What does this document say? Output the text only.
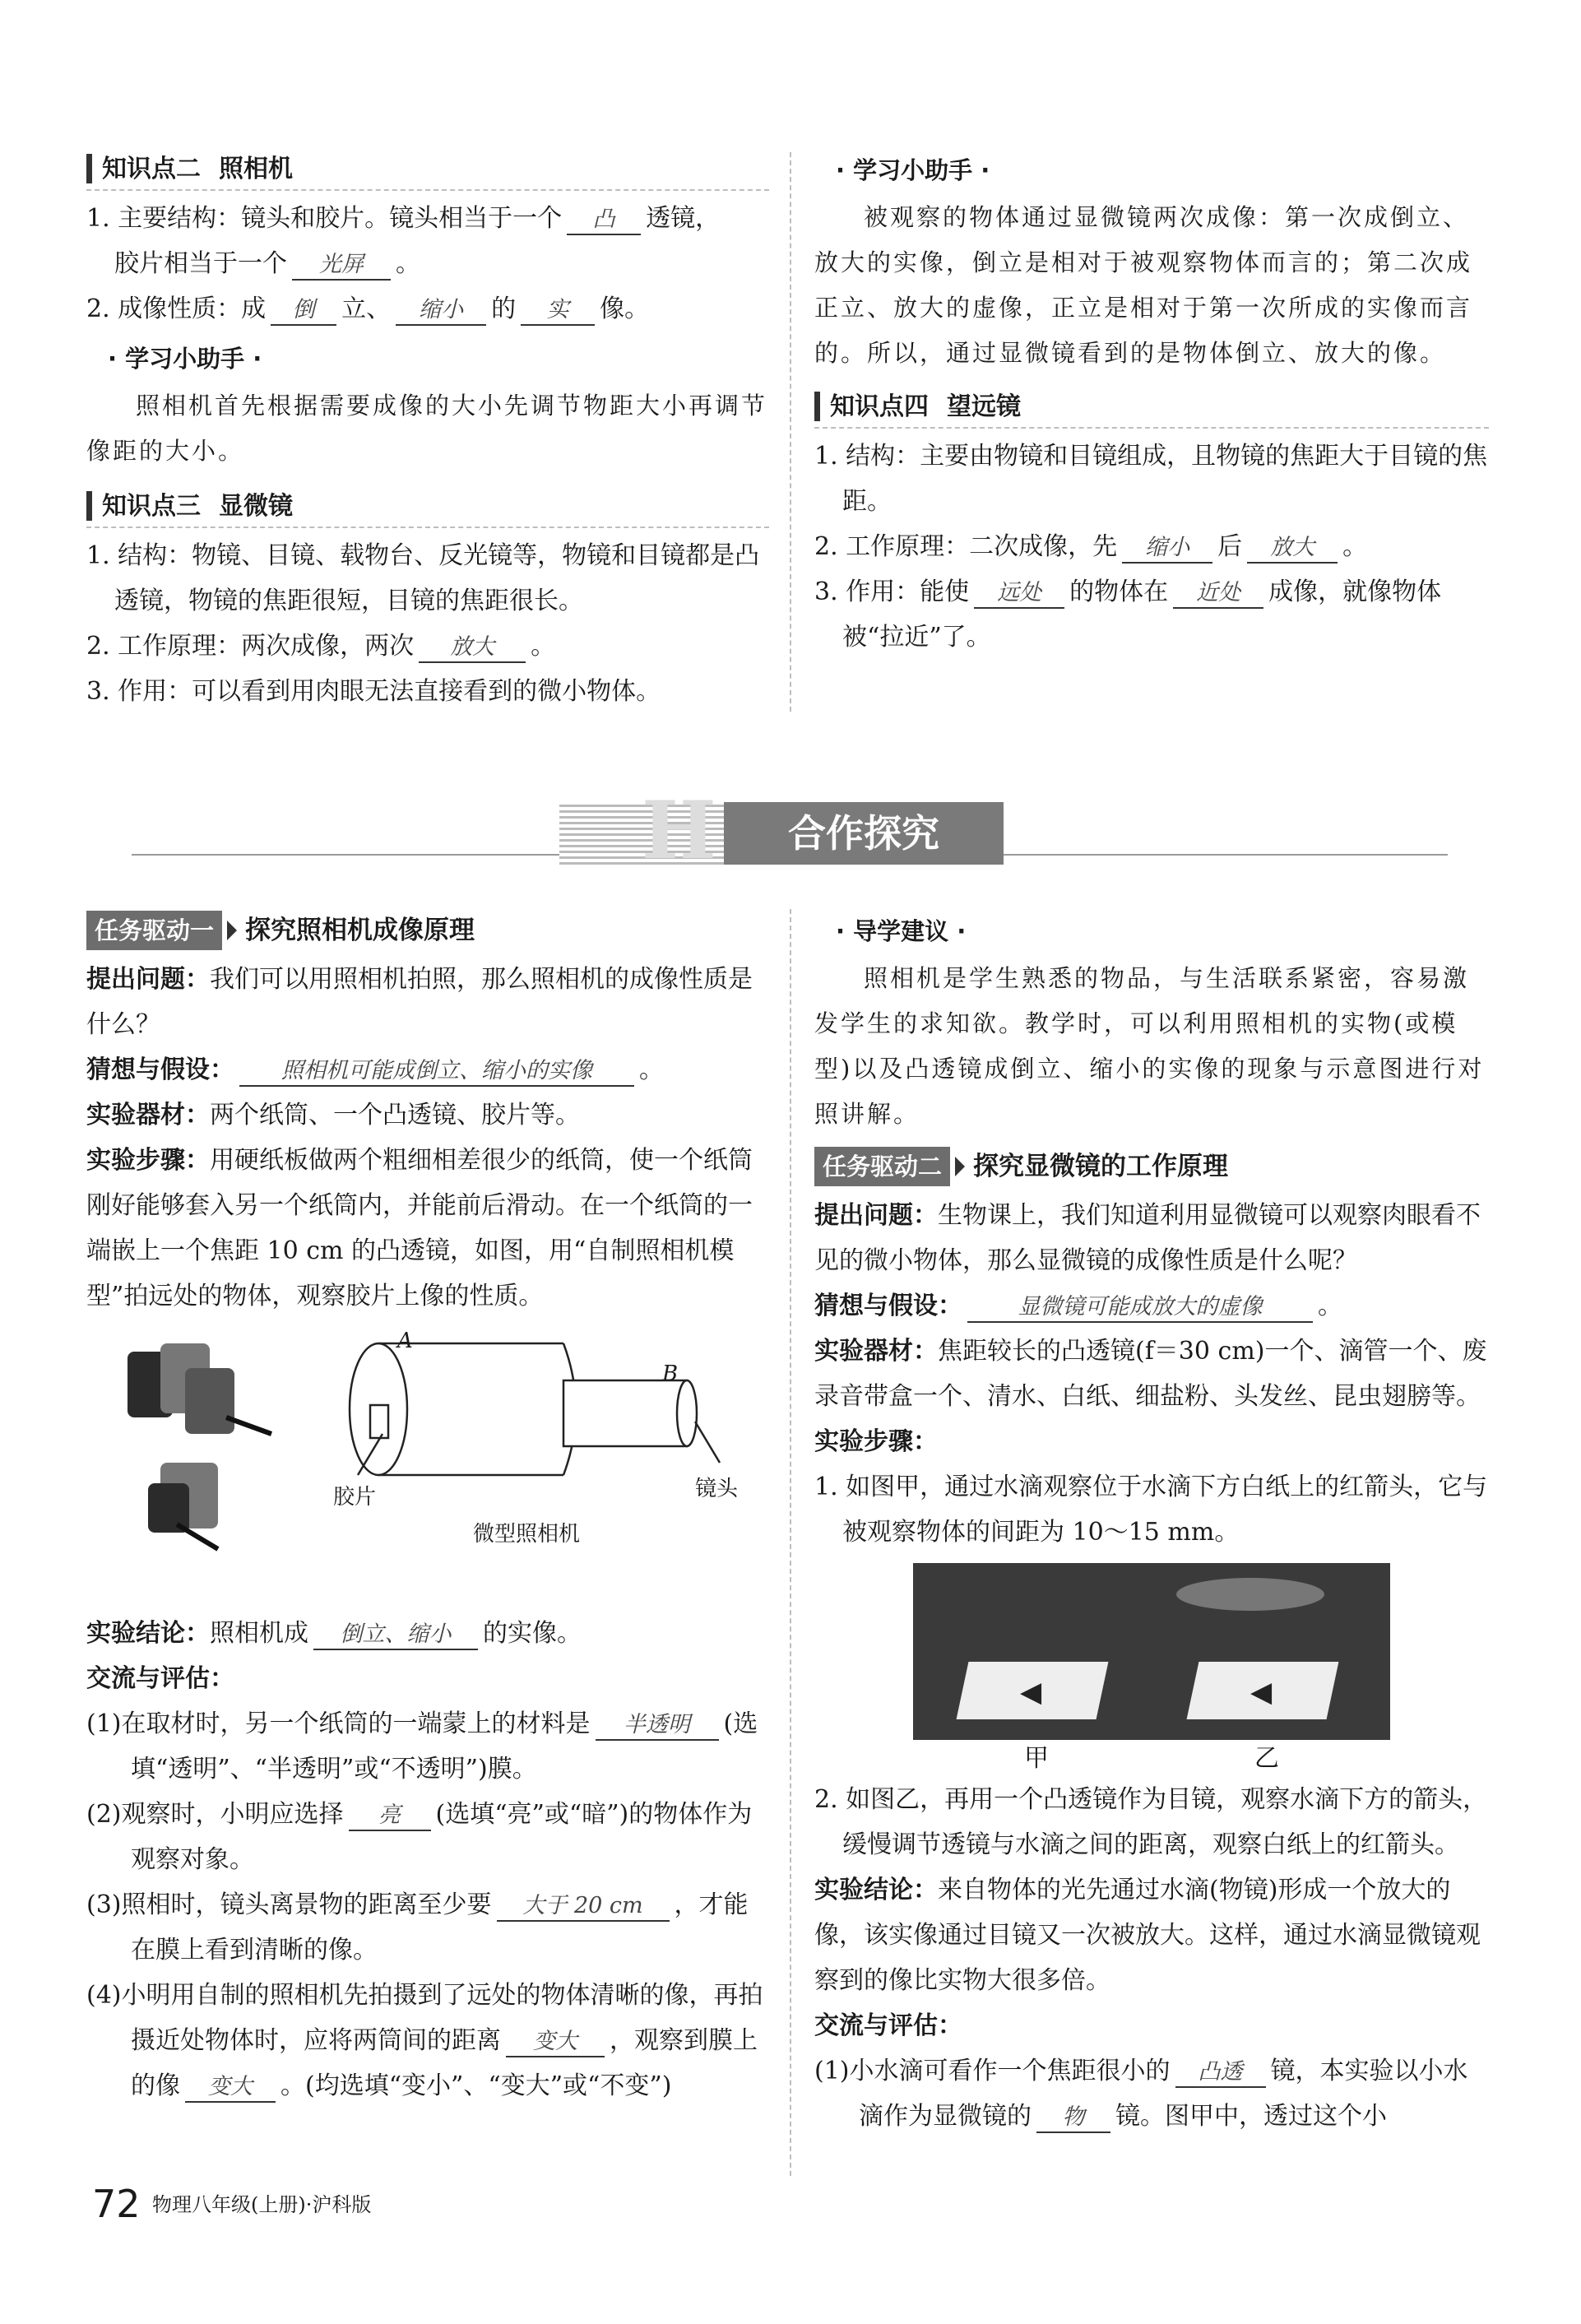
知识点二 照相机

1. 主要结构：镜头和胶片。镜头相当于一个 凸 透镜，
胶片相当于一个 光屏 。

2. 成像性质：成 倒 立、 缩小 的 实 像。

· 学习小助手 ·

照相机首先根据需要成像的大小先调节物距大小再调节像距的大小。

知识点三 显微镜

1. 结构：物镜、目镜、载物台、反光镜等，物镜和目镜都是凸透镜，物镜的焦距很短，目镜的焦距很长。

2. 工作原理：两次成像，两次 放大 。

3. 作用：可以看到用肉眼无法直接看到的微小物体。

· 学习小助手 ·

被观察的物体通过显微镜两次成像：第一次成倒立、放大的实像，倒立是相对于被观察物体而言的；第二次成正立、放大的虚像，正立是相对于第一次所成的实像而言的。所以，通过显微镜看到的是物体倒立、放大的像。

知识点四 望远镜

1. 结构：主要由物镜和目镜组成，且物镜的焦距大于目镜的焦距。

2. 工作原理：二次成像，先 缩小 后 放大 。

3. 作用：能使 远处 的物体在 近处 成像，就像物体被“拉近”了。

H	合作探究
任务驱动一	探究照相机成像原理

提出问题：我们可以用照相机拍照，那么照相机的成像性质是什么？

猜想与假设： 照相机可能成倒立、缩小的实像 。

实验器材：两个纸筒、一个凸透镜、胶片等。

实验步骤：用硬纸板做两个粗细相差很少的纸筒，使一个纸筒刚好能够套入另一个纸筒内，并能前后滑动。在一个纸筒的一端嵌上一个焦距 10 cm 的凸透镜，如图，用“自制照相机模型”拍远处的物体，观察胶片上像的性质。

A
B
胶片	镜头
微型照相机

实验结论：照相机成 倒立、缩小 的实像。

交流与评估：

(1)在取材时，另一个纸筒的一端蒙上的材料是 半透明 (选填“透明”、“半透明”或“不透明”)膜。

(2)观察时，小明应选择 亮 (选填“亮”或“暗”)的物体作为观察对象。

(3)照相时，镜头离景物的距离至少要 大于 20 cm ，才能在膜上看到清晰的像。

(4)小明用自制的照相机先拍摄到了远处的物体清晰的像，再拍摄近处物体时，应将两筒间的距离 变大 ，观察到膜上的像 变大 。(均选填“变小”、“变大”或“不变”)

· 导学建议 ·

照相机是学生熟悉的物品，与生活联系紧密，容易激发学生的求知欲。教学时，可以利用照相机的实物(或模型)以及凸透镜成倒立、缩小的实像的现象与示意图进行对照讲解。

任务驱动二	探究显微镜的工作原理

提出问题：生物课上，我们知道利用显微镜可以观察肉眼看不见的微小物体，那么显微镜的成像性质是什么呢？

猜想与假设：	显微镜可能成放大的虚像 。

实验器材：焦距较长的凸透镜(f＝30 cm)一个、滴管一个、废录音带盒一个、清水、白纸、细盐粉、头发丝、昆虫翅膀等。

实验步骤：

1. 如图甲，通过水滴观察位于水滴下方白纸上的红箭头，它与被观察物体的间距为 10～15 mm。

◀	◀
甲	乙

2. 如图乙，再用一个凸透镜作为目镜，观察水滴下方的箭头，缓慢调节透镜与水滴之间的距离，观察白纸上的红箭头。

实验结论：来自物体的光先通过水滴(物镜)形成一个放大的像，该实像通过目镜又一次被放大。这样，通过水滴显微镜观察到的像比实物大很多倍。

交流与评估：

(1)小水滴可看作一个焦距很小的 凸透 镜，本实验以小水滴作为显微镜的 物 镜。图甲中，透过这个小

72 物理八年级(上册)·沪科版
